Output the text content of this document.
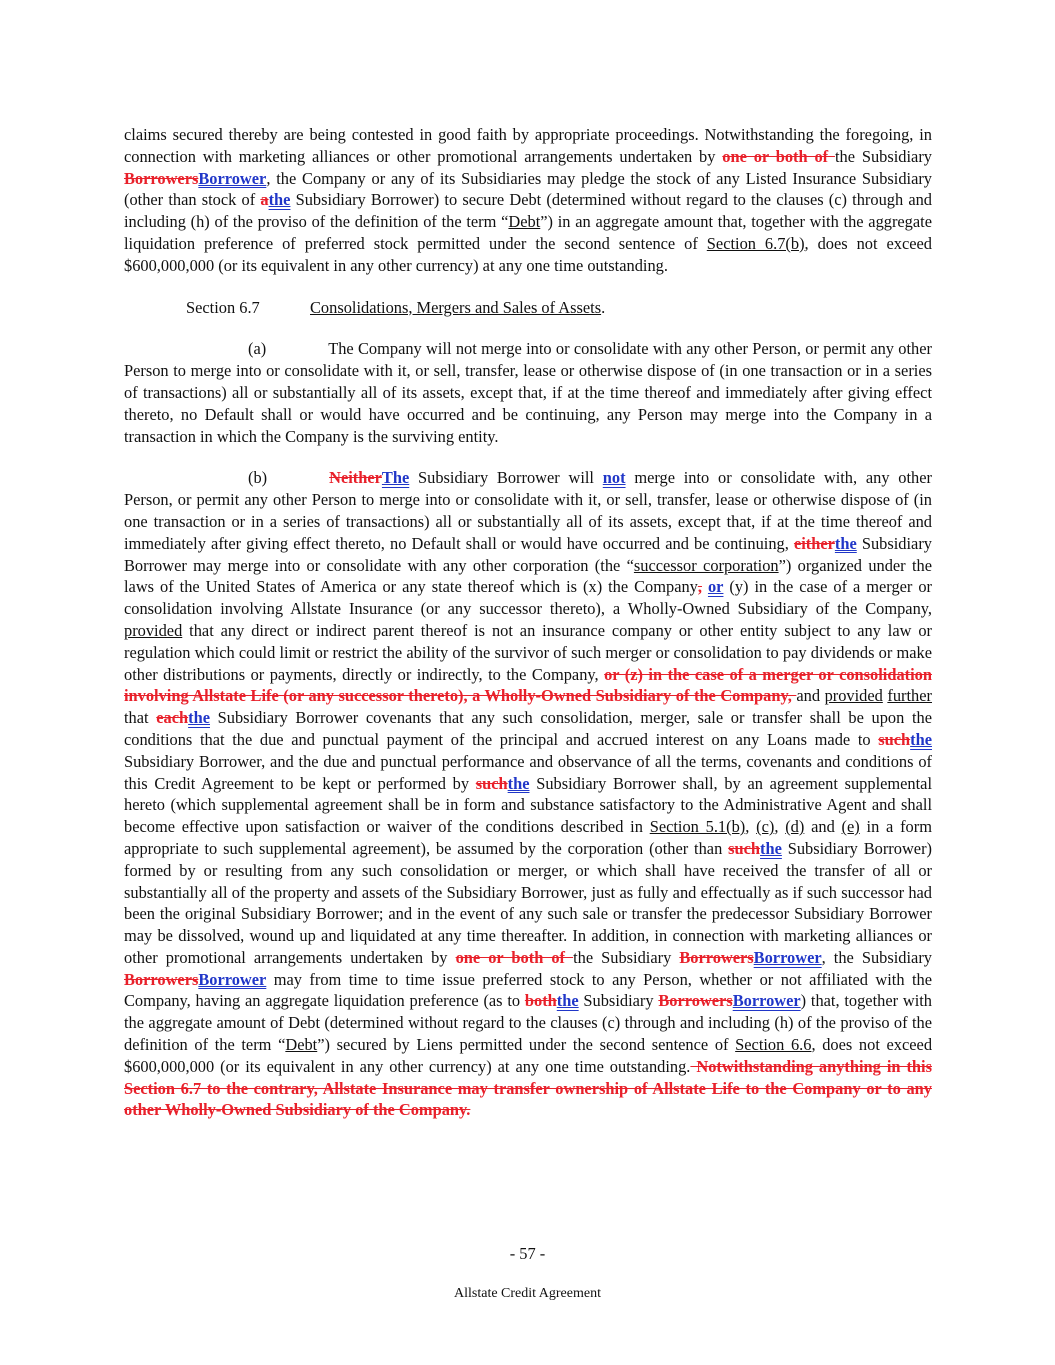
claims secured thereby are being contested in good faith by appropriate proceedings. Notwithstanding the foregoing, in connection with marketing alliances or other promotional arrangements undertaken by one or both of the Subsidiary BorrowersBorrower, the Company or any of its Subsidiaries may pledge the stock of any Listed Insurance Subsidiary (other than stock of athe Subsidiary Borrower) to secure Debt (determined without regard to the clauses (c) through and including (h) of the proviso of the definition of the term “Debt”) in an aggregate amount that, together with the aggregate liquidation preference of preferred stock permitted under the second sentence of Section 6.7(b), does not exceed $600,000,000 (or its equivalent in any other currency) at any one time outstanding.

Section 6.7	Consolidations, Mergers and Sales of Assets.

(a)	The Company will not merge into or consolidate with any other Person, or permit any other Person to merge into or consolidate with it, or sell, transfer, lease or otherwise dispose of (in one transaction or in a series of transactions) all or substantially all of its assets, except that, if at the time thereof and immediately after giving effect thereto, no Default shall or would have occurred and be continuing, any Person may merge into the Company in a transaction in which the Company is the surviving entity.

(b)	NeitherThe Subsidiary Borrower will not merge into or consolidate with, any other Person, or permit any other Person to merge into or consolidate with it, or sell, transfer, lease or otherwise dispose of (in one transaction or in a series of transactions) all or substantially all of its assets, except that, if at the time thereof and immediately after giving effect thereto, no Default shall or would have occurred and be continuing, eitherthe Subsidiary Borrower may merge into or consolidate with any other corporation (the “successor corporation”) organized under the laws of the United States of America or any state thereof which is (x) the Company, or (y) in the case of a merger or consolidation involving Allstate Insurance (or any successor thereto), a Wholly-Owned Subsidiary of the Company, provided that any direct or indirect parent thereof is not an insurance company or other entity subject to any law or regulation which could limit or restrict the ability of the survivor of such merger or consolidation to pay dividends or make other distributions or payments, directly or indirectly, to the Company, or (z) in the case of a merger or consolidation involving Allstate Life (or any successor thereto), a Wholly-Owned Subsidiary of the Company, and provided further that eachthe Subsidiary Borrower covenants that any such consolidation, merger, sale or transfer shall be upon the conditions that the due and punctual payment of the principal and accrued interest on any Loans made to suchthe Subsidiary Borrower, and the due and punctual performance and observance of all the terms, covenants and conditions of this Credit Agreement to be kept or performed by suchthe Subsidiary Borrower shall, by an agreement supplemental hereto (which supplemental agreement shall be in form and substance satisfactory to the Administrative Agent and shall become effective upon satisfaction or waiver of the conditions described in Section 5.1(b), (c), (d) and (e) in a form appropriate to such supplemental agreement), be assumed by the corporation (other than suchthe Subsidiary Borrower) formed by or resulting from any such consolidation or merger, or which shall have received the transfer of all or substantially all of the property and assets of the Subsidiary Borrower, just as fully and effectually as if such successor had been the original Subsidiary Borrower; and in the event of any such sale or transfer the predecessor Subsidiary Borrower may be dissolved, wound up and liquidated at any time thereafter. In addition, in connection with marketing alliances or other promotional arrangements undertaken by one or both of the Subsidiary BorrowersBorrower, the Subsidiary BorrowersBorrower may from time to time issue preferred stock to any Person, whether or not affiliated with the Company, having an aggregate liquidation preference (as to boththe Subsidiary BorrowersBorrower) that, together with the aggregate amount of Debt (determined without regard to the clauses (c) through and including (h) of the proviso of the definition of the term “Debt”) secured by Liens permitted under the second sentence of Section 6.6, does not exceed $600,000,000 (or its equivalent in any other currency) at any one time outstanding. Notwithstanding anything in this Section 6.7 to the contrary, Allstate Insurance may transfer ownership of Allstate Life to the Company or to any other Wholly-Owned Subsidiary of the Company.

- 57 -
Allstate Credit Agreement
